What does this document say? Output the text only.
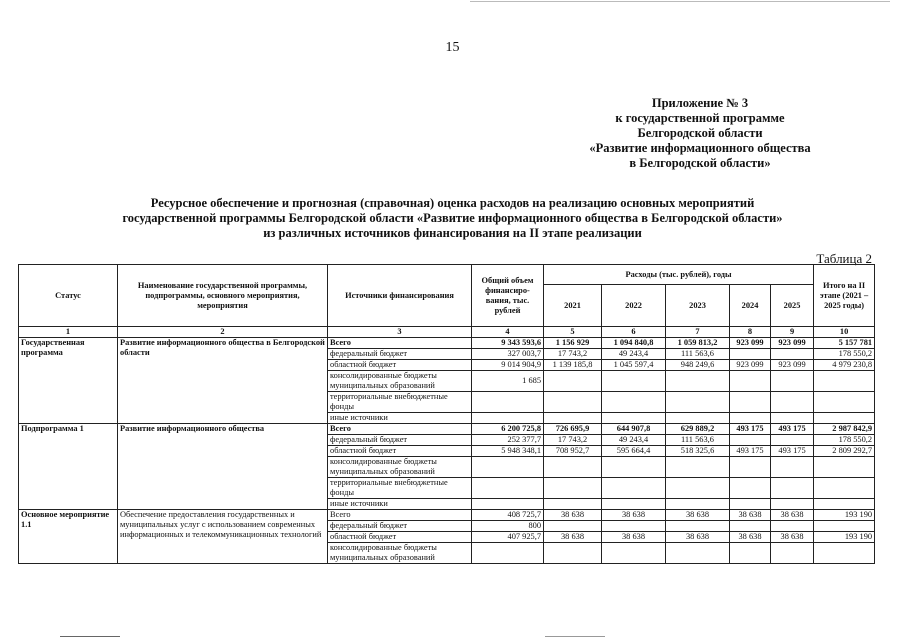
15
Приложение № 3
к государственной программе
Белгородской области
«Развитие информационного общества
в Белгородской области»
Ресурсное обеспечение и прогнозная (справочная) оценка расходов на реализацию основных мероприятий
государственной программы Белгородской области «Развитие информационного общества в Белгородской области»
из различных источников финансирования на II этапе реализации
Таблица 2
Статус	Наименование государственной программы, подпрограммы, основного мероприятия, мероприятия	Источники финансирования	Общий объем финансиро-вания, тыс. рублей	Расходы (тыс. рублей), годы					Итого на II этапе (2021 – 2025 годы)
				2021	2022	2023	2024	2025	
1	2	3	4	5	6	7	8	9	10
Государственная программа	Развитие информационного общества в Белгородской области	Всего	9 343 593,6	1 156 929	1 094 840,8	1 059 813,2	923 099	923 099	5 157 781
		федеральный бюджет	327 003,7	17 743,2	49 243,4	111 563,6			178 550,2
		областной бюджет	9 014 904,9	1 139 185,8	1 045 597,4	948 249,6	923 099	923 099	4 979 230,8
		консолидированные бюджеты муниципальных образований	1 685						
		территориальные внебюджетные фонды							
		иные источники							
Подпрограмма 1	Развитие информационного общества	Всего	6 200 725,8	726 695,9	644 907,8	629 889,2	493 175	493 175	2 987 842,9
		федеральный бюджет	252 377,7	17 743,2	49 243,4	111 563,6			178 550,2
		областной бюджет	5 948 348,1	708 952,7	595 664,4	518 325,6	493 175	493 175	2 809 292,7
		консолидированные бюджеты муниципальных образований							
		территориальные внебюджетные фонды							
		иные источники							
Основное мероприятие 1.1	Обеспечение предоставления государственных и муниципальных услуг с использованием современных информационных и телекоммуникационных технологий	Всего	408 725,7	38 638	38 638	38 638	38 638	38 638	193 190
		федеральный бюджет	800						
		областной бюджет	407 925,7	38 638	38 638	38 638	38 638	38 638	193 190
		консолидированные бюджеты муниципальных образований							
